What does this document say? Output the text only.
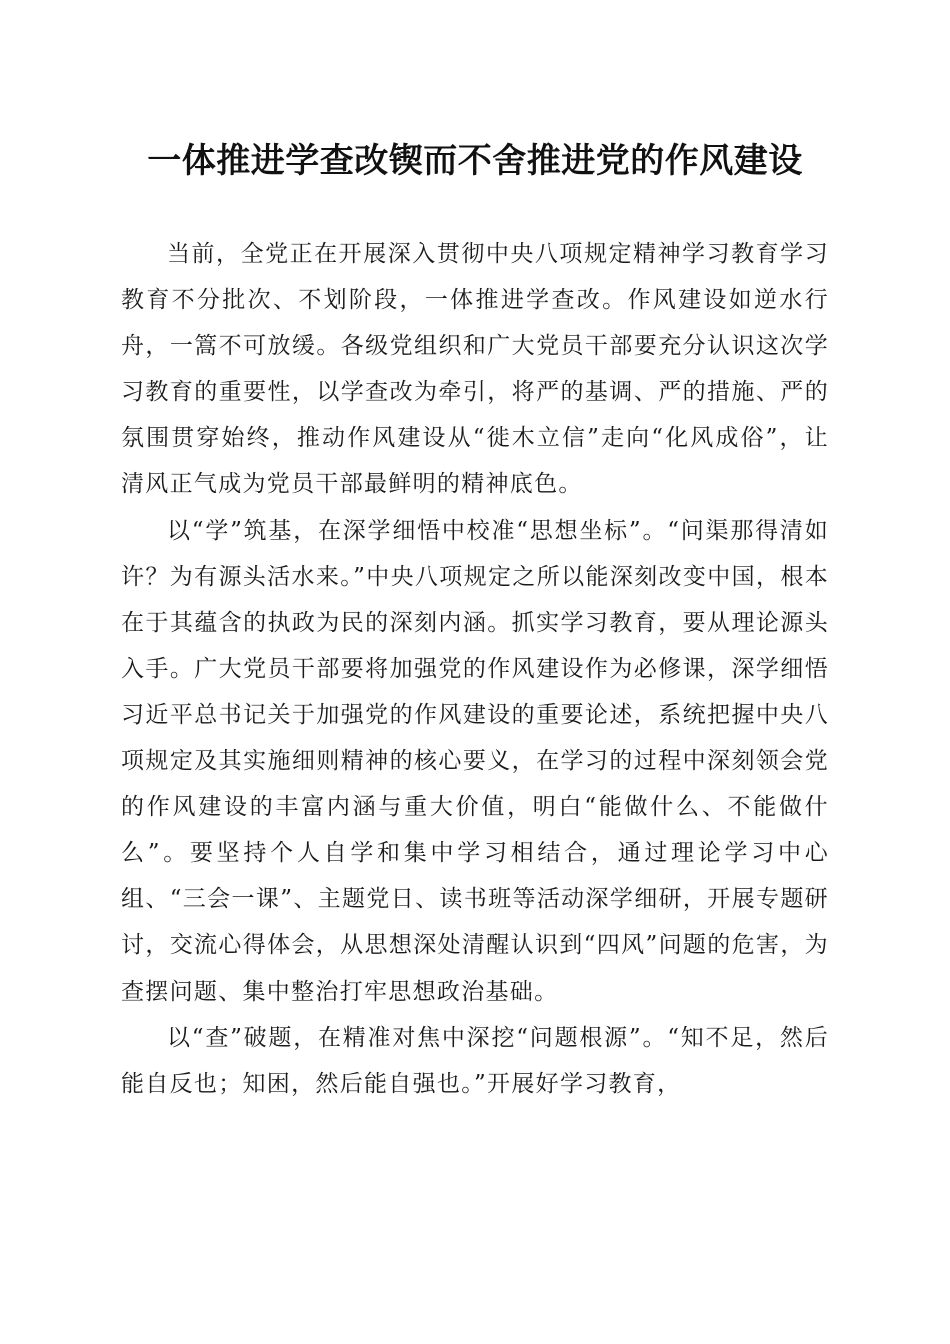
一体推进学查改锲而不舍推进党的作风建设

当前，全党正在开展深入贯彻中央八项规定精神学习教育学习教育不分批次、不划阶段，一体推进学查改。作风建设如逆水行舟，一篙不可放缓。各级党组织和广大党员干部要充分认识这次学习教育的重要性，以学查改为牵引，将严的基调、严的措施、严的氛围贯穿始终，推动作风建设从“徙木立信”走向“化风成俗”，让清风正气成为党员干部最鲜明的精神底色。

以“学”筑基，在深学细悟中校准“思想坐标”。“问渠那得清如许？为有源头活水来。”中央八项规定之所以能深刻改变中国，根本在于其蕴含的执政为民的深刻内涵。抓实学习教育，要从理论源头入手。广大党员干部要将加强党的作风建设作为必修课，深学细悟习近平总书记关于加强党的作风建设的重要论述，系统把握中央八项规定及其实施细则精神的核心要义，在学习的过程中深刻领会党的作风建设的丰富内涵与重大价值，明白“能做什么、不能做什么”。要坚持个人自学和集中学习相结合，通过理论学习中心组、“三会一课”、主题党日、读书班等活动深学细研，开展专题研讨，交流心得体会，从思想深处清醒认识到“四风”问题的危害，为查摆问题、集中整治打牢思想政治基础。

以“查”破题，在精准对焦中深挖“问题根源”。“知不足，然后能自反也；知困，然后能自强也。”开展好学习教育，
